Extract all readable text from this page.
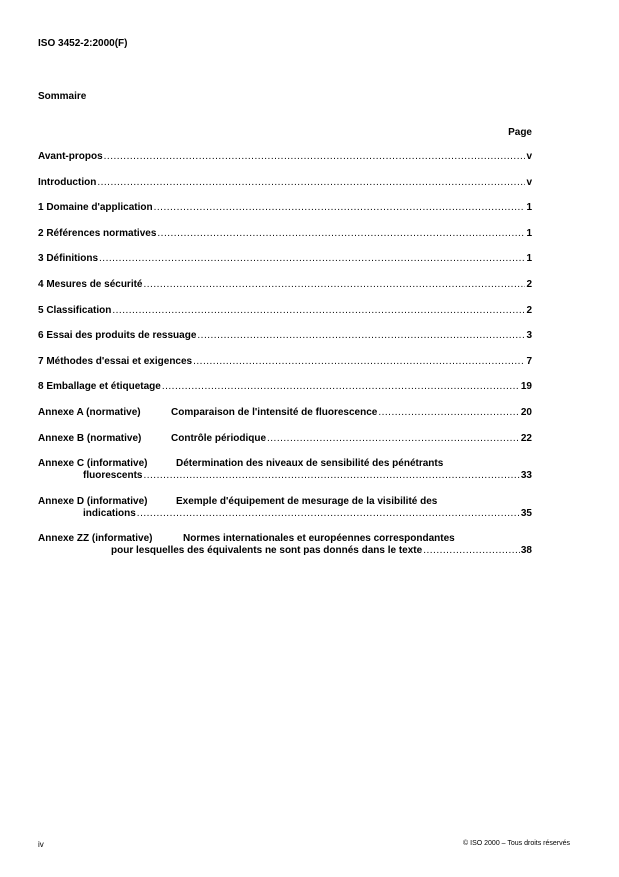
ISO 3452-2:2000(F)
Sommaire
Page
Avant-propos .....	v
Introduction .....	v
1 Domaine d'application .....	1
2 Références normatives .....	1
3 Définitions .....	1
4 Mesures de sécurité .....	2
5 Classification .....	2
6 Essai des produits de ressuage .....	3
7 Méthodes d'essai et exigences .....	7
8 Emballage et étiquetage .....	19
Annexe A (normative)	Comparaison de l'intensité de fluorescence .....	20
Annexe B (normative)	Contrôle périodique .....	22
Annexe C (informative)	Détermination des niveaux de sensibilité des pénétrants
fluorescents .....	33
Annexe D (informative)	Exemple d'équipement de mesurage de la visibilité des
indications .....	35
Annexe ZZ (informative)	Normes internationales et européennes correspondantes
pour lesquelles des équivalents ne sont pas donnés dans le texte .....	38
iv	© ISO 2000 – Tous droits réservés
